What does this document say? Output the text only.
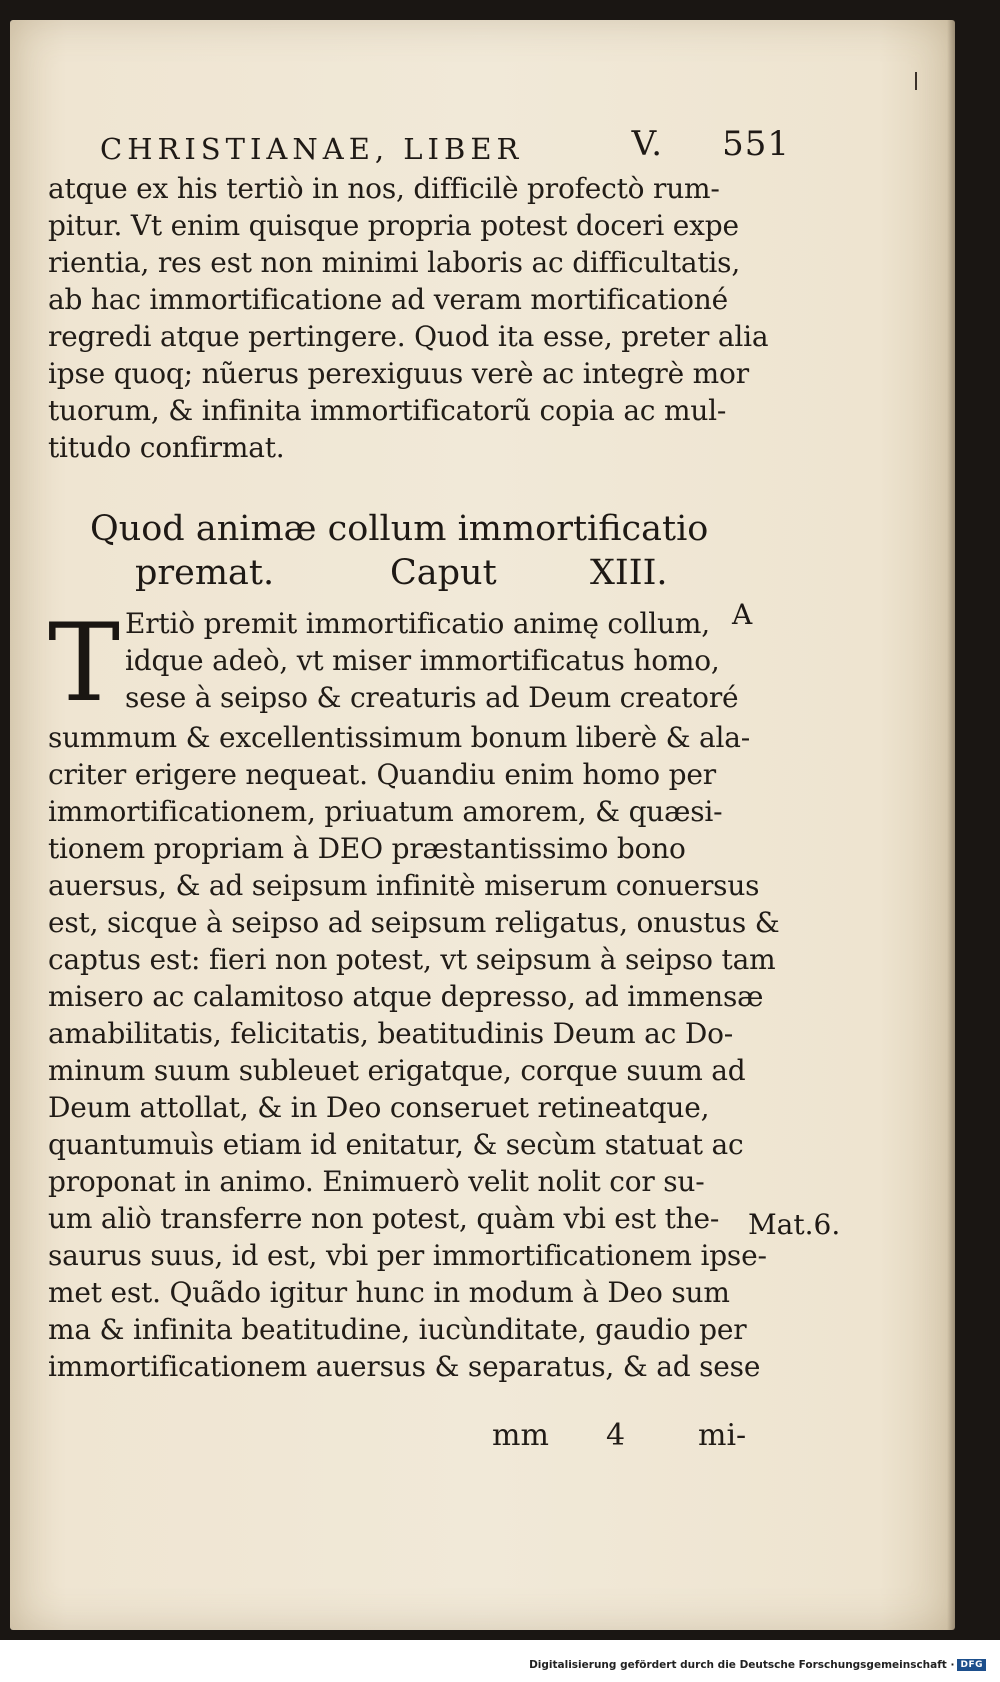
CHRISTIANAE, LIBER	V. 551
atque ex his tertiò in nos, difficilè profectò rum-
pitur. Vt enim quisque propria potest doceri expe
rientia, res est non minimi laboris ac difficultatis,
ab hac immortificatione ad veram mortificationé
regredi atque pertingere. Quod ita esse, preter alia
ipse quoq; nũerus perexiguus verè ac integrè mor
tuorum, & infinita immortificatorũ copia ac mul-
titudo confirmat.
Quod animæ collum immortificatio
premat.	Caput	XIII.
T Ertiò premit immortificatio animę collum,
idque adeò, vt miser immortificatus homo,
sese à seipso & creaturis ad Deum creatoré
summum & excellentissimum bonum liberè & ala-
criter erigere nequeat. Quandiu enim homo per
immortificationem, priuatum amorem, & quæsi-
tionem propriam à DEO præstantissimo bono
auersus, & ad seipsum infinitè miserum conuersus
est, sicque à seipso ad seipsum religatus, onustus &
captus est: fieri non potest, vt seipsum à seipso tam
misero ac calamitoso atque depresso, ad immensæ
amabilitatis, felicitatis, beatitudinis Deum ac Do-
minum suum subleuet erigatque, corque suum ad
Deum attollat, & in Deo conseruet retineatque,
quantumuìs etiam id enitatur, & secùm statuat ac
proponat in animo. Enimuerò velit nolit cor su-
um aliò transferre non potest, quàm vbi est the-
saurus suus, id est, vbi per immortificationem ipse-
met est. Quãdo igitur hunc in modum à Deo sum
ma & infinita beatitudine, iucùnditate, gaudio per
immortificationem auersus & separatus, & ad sese
A
Mat.6.
mm 4 mi-
Digitalisierung gefördert durch die Deutsche Forschungsgemeinschaft · DFG
